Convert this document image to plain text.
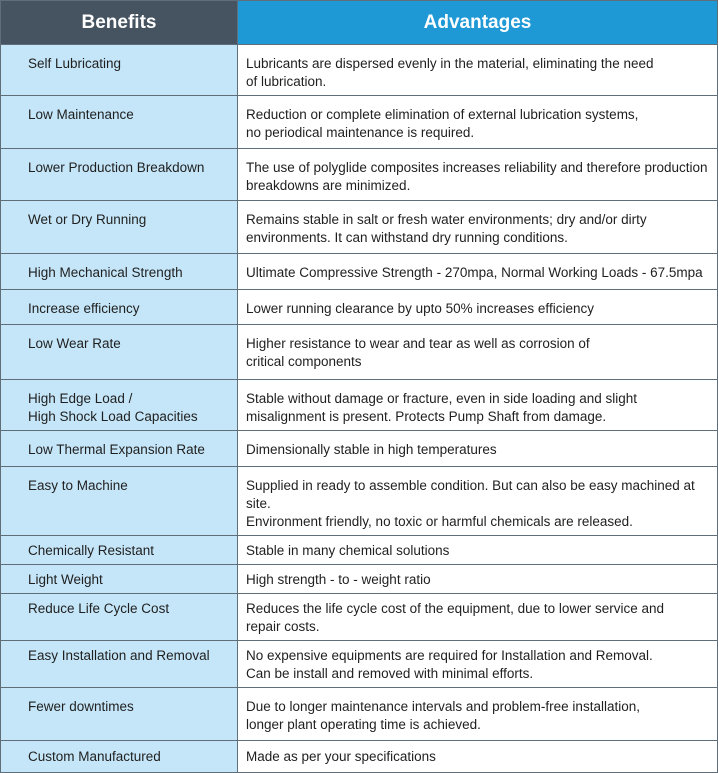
Benefits	Advantages
Self Lubricating	Lubricants are dispersed evenly in the material, eliminating the need
of lubrication.
Low Maintenance	Reduction or complete elimination of external lubrication systems,
no periodical maintenance is required.
Lower Production Breakdown	The use of polyglide composites increases reliability and therefore production
breakdowns are minimized.
Wet or Dry Running	Remains stable in salt or fresh water environments; dry and/or dirty
environments. It can withstand dry running conditions.
High Mechanical Strength	Ultimate Compressive Strength - 270mpa, Normal Working Loads - 67.5mpa
Increase efficiency	Lower running clearance by upto 50% increases efficiency
Low Wear Rate	Higher resistance to wear and tear as well as corrosion of
critical components
High Edge Load /
High Shock Load Capacities	Stable without damage or fracture, even in side loading and slight
misalignment is present. Protects Pump Shaft from damage.
Low Thermal Expansion Rate	Dimensionally stable in high temperatures
Easy to Machine	Supplied in ready to assemble condition. But can also be easy machined at site.
Environment friendly, no toxic or harmful chemicals are released.
Chemically Resistant	Stable in many chemical solutions
Light Weight	High strength - to - weight ratio
Reduce Life Cycle Cost	Reduces the life cycle cost of the equipment, due to lower service and
repair costs.
Easy Installation and Removal	No expensive equipments are required for Installation and Removal.
Can be install and removed with minimal efforts.
Fewer downtimes	Due to longer maintenance intervals and problem-free installation,
longer plant operating time is achieved.
Custom Manufactured	Made as per your specifications
